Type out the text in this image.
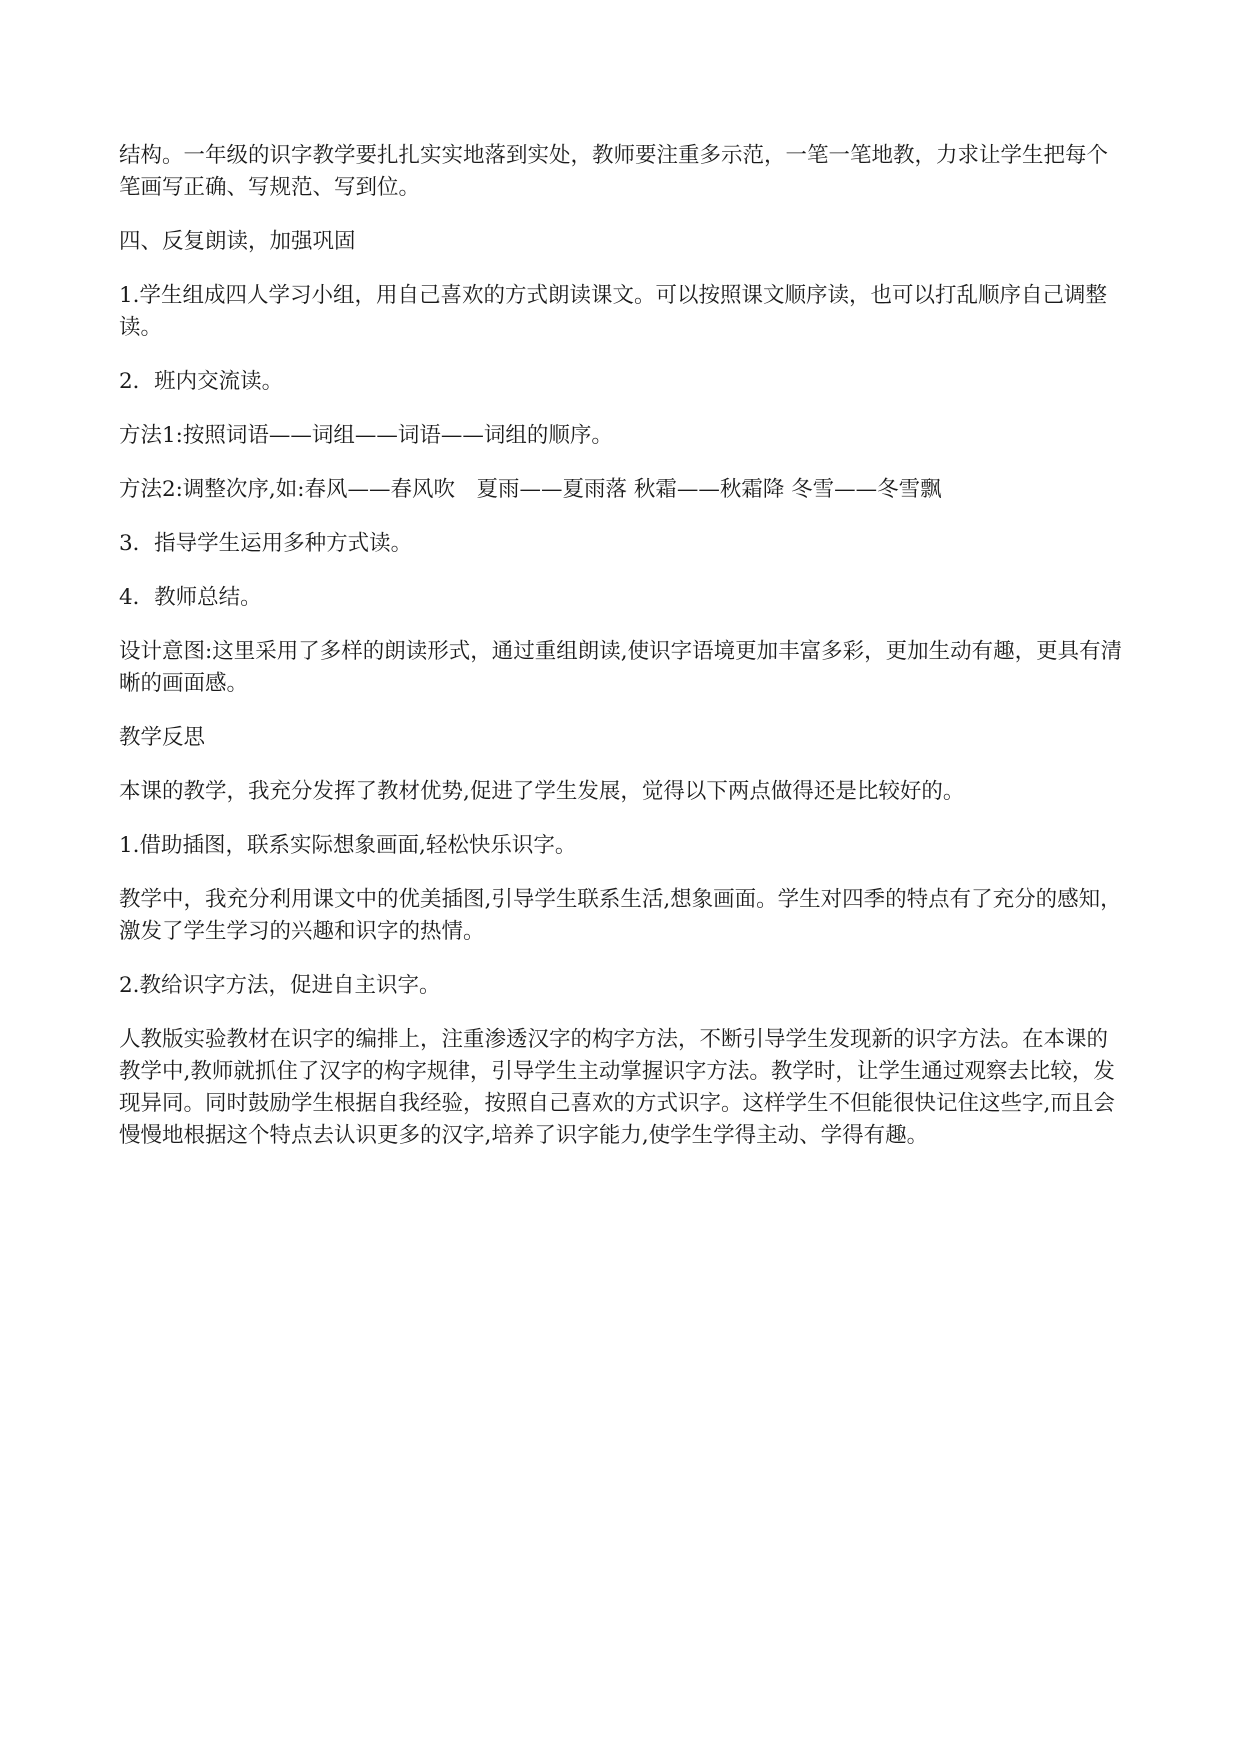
结构。一年级的识字教学要扎扎实实地落到实处，教师要注重多示范，一笔一笔地教，力求让学生把每个笔画写正确、写规范、写到位。

四、反复朗读，加强巩固

1.学生组成四人学习小组，用自己喜欢的方式朗读课文。可以按照课文顺序读，也可以打乱顺序自己调整读。

2．班内交流读。

方法1:按照词语——词组——词语——词组的顺序。

方法2:调整次序,如:春风——春风吹　夏雨——夏雨落 秋霜——秋霜降 冬雪——冬雪飘

3．指导学生运用多种方式读。

4．教师总结。

设计意图:这里采用了多样的朗读形式，通过重组朗读,使识字语境更加丰富多彩，更加生动有趣，更具有清晰的画面感。

教学反思

本课的教学，我充分发挥了教材优势,促进了学生发展，觉得以下两点做得还是比较好的。

1.借助插图，联系实际想象画面,轻松快乐识字。

教学中，我充分利用课文中的优美插图,引导学生联系生活,想象画面。学生对四季的特点有了充分的感知，激发了学生学习的兴趣和识字的热情。

2.教给识字方法，促进自主识字。

人教版实验教材在识字的编排上，注重渗透汉字的构字方法，不断引导学生发现新的识字方法。在本课的教学中,教师就抓住了汉字的构字规律，引导学生主动掌握识字方法。教学时，让学生通过观察去比较，发现异同。同时鼓励学生根据自我经验，按照自己喜欢的方式识字。这样学生不但能很快记住这些字,而且会慢慢地根据这个特点去认识更多的汉字,培养了识字能力,使学生学得主动、学得有趣。
